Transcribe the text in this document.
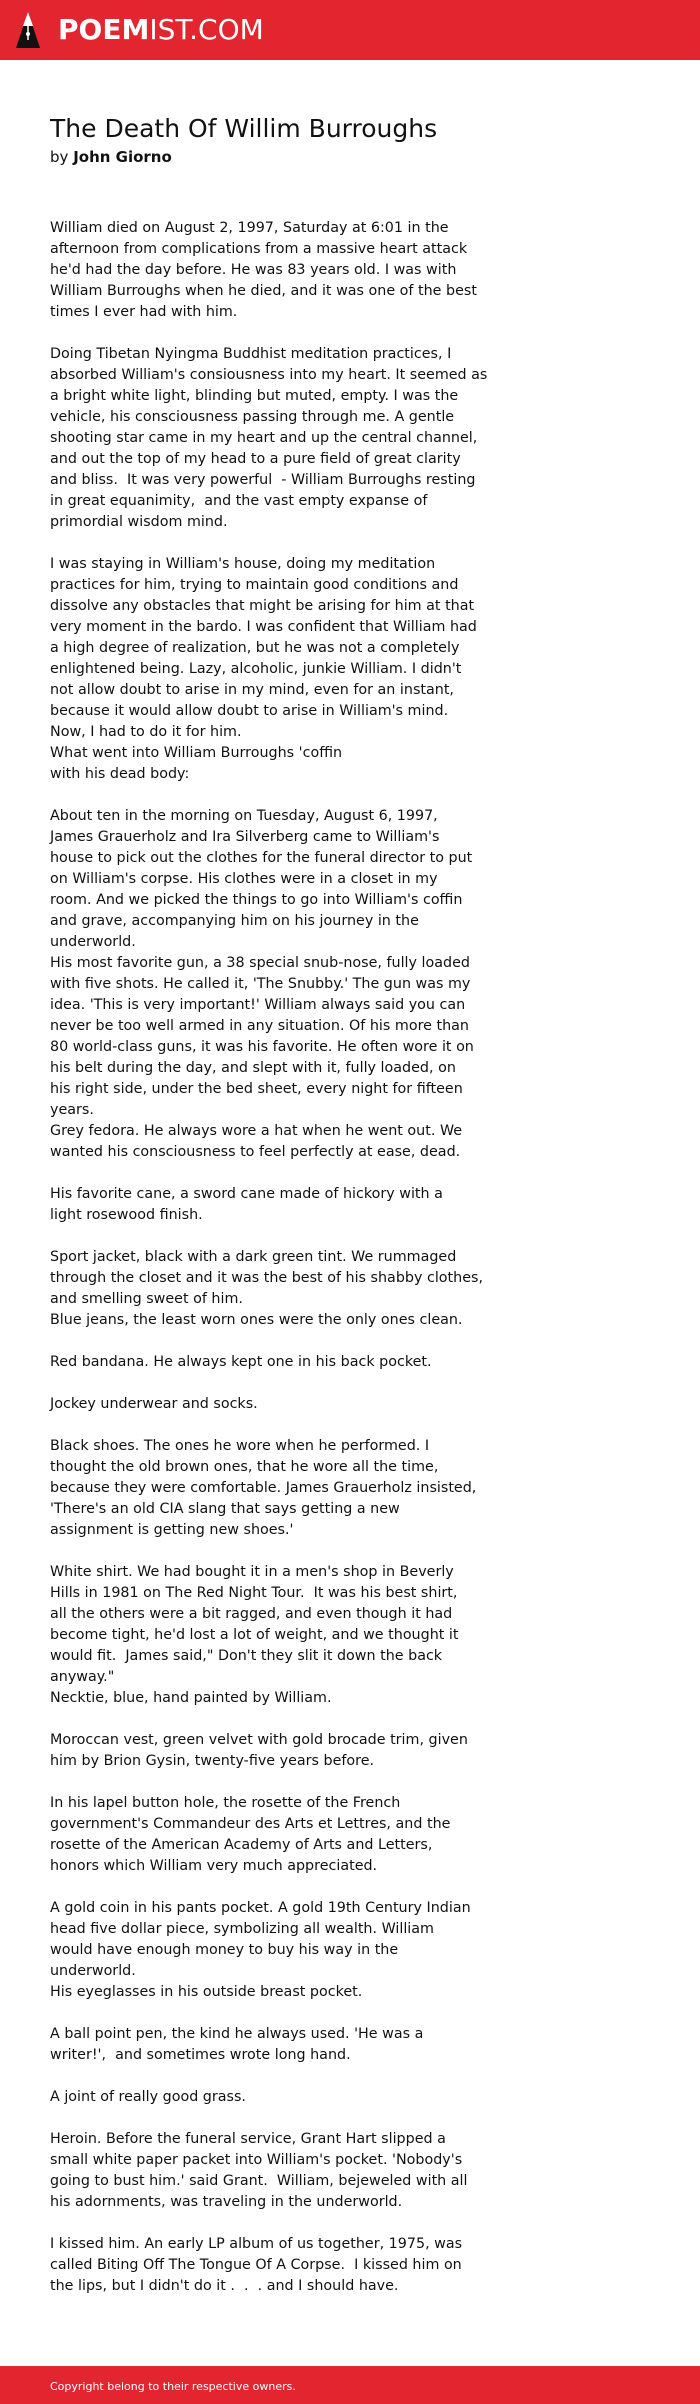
POEMIST.COM
The Death Of Willim Burroughs
by John Giorno
William died on August 2, 1997, Saturday at 6:01 in the
afternoon from complications from a massive heart attack
he'd had the day before. He was 83 years old. I was with
William Burroughs when he died, and it was one of the best
times I ever had with him.
Doing Tibetan Nyingma Buddhist meditation practices, I
absorbed William's consiousness into my heart. It seemed as
a bright white light, blinding but muted, empty. I was the
vehicle, his consciousness passing through me. A gentle
shooting star came in my heart and up the central channel,
and out the top of my head to a pure field of great clarity
and bliss.  It was very powerful  - William Burroughs resting
in great equanimity,  and the vast empty expanse of
primordial wisdom mind.
I was staying in William's house, doing my meditation
practices for him, trying to maintain good conditions and
dissolve any obstacles that might be arising for him at that
very moment in the bardo. I was confident that William had
a high degree of realization, but he was not a completely
enlightened being. Lazy, alcoholic, junkie William. I didn't
not allow doubt to arise in my mind, even for an instant,
because it would allow doubt to arise in William's mind.
Now, I had to do it for him.
What went into William Burroughs 'coffin
with his dead body:
About ten in the morning on Tuesday, August 6, 1997,
James Grauerholz and Ira Silverberg came to William's
house to pick out the clothes for the funeral director to put
on William's corpse. His clothes were in a closet in my
room. And we picked the things to go into William's coffin
and grave, accompanying him on his journey in the
underworld.
His most favorite gun, a 38 special snub-nose, fully loaded
with five shots. He called it, 'The Snubby.' The gun was my
idea. 'This is very important!' William always said you can
never be too well armed in any situation. Of his more than
80 world-class guns, it was his favorite. He often wore it on
his belt during the day, and slept with it, fully loaded, on
his right side, under the bed sheet, every night for fifteen
years.
Grey fedora. He always wore a hat when he went out. We
wanted his consciousness to feel perfectly at ease, dead.
His favorite cane, a sword cane made of hickory with a
light rosewood finish.
Sport jacket, black with a dark green tint. We rummaged
through the closet and it was the best of his shabby clothes,
and smelling sweet of him.
Blue jeans, the least worn ones were the only ones clean.
Red bandana. He always kept one in his back pocket.
Jockey underwear and socks.
Black shoes. The ones he wore when he performed. I
thought the old brown ones, that he wore all the time,
because they were comfortable. James Grauerholz insisted,
'There's an old CIA slang that says getting a new
assignment is getting new shoes.'
White shirt. We had bought it in a men's shop in Beverly
Hills in 1981 on The Red Night Tour.  It was his best shirt,
all the others were a bit ragged, and even though it had
become tight, he'd lost a lot of weight, and we thought it
would fit.  James said," Don't they slit it down the back
anyway."
Necktie, blue, hand painted by William.
Moroccan vest, green velvet with gold brocade trim, given
him by Brion Gysin, twenty-five years before.
In his lapel button hole, the rosette of the French
government's Commandeur des Arts et Lettres, and the
rosette of the American Academy of Arts and Letters,
honors which William very much appreciated.
A gold coin in his pants pocket. A gold 19th Century Indian
head five dollar piece, symbolizing all wealth. William
would have enough money to buy his way in the
underworld.
His eyeglasses in his outside breast pocket.
A ball point pen, the kind he always used. 'He was a
writer!',  and sometimes wrote long hand.
A joint of really good grass.
Heroin. Before the funeral service, Grant Hart slipped a
small white paper packet into William's pocket. 'Nobody's
going to bust him.' said Grant.  William, bejeweled with all
his adornments, was traveling in the underworld.
I kissed him. An early LP album of us together, 1975, was
called Biting Off The Tongue Of A Corpse.  I kissed him on
the lips, but I didn't do it .  .  . and I should have.
Copyright belong to their respective owners.
